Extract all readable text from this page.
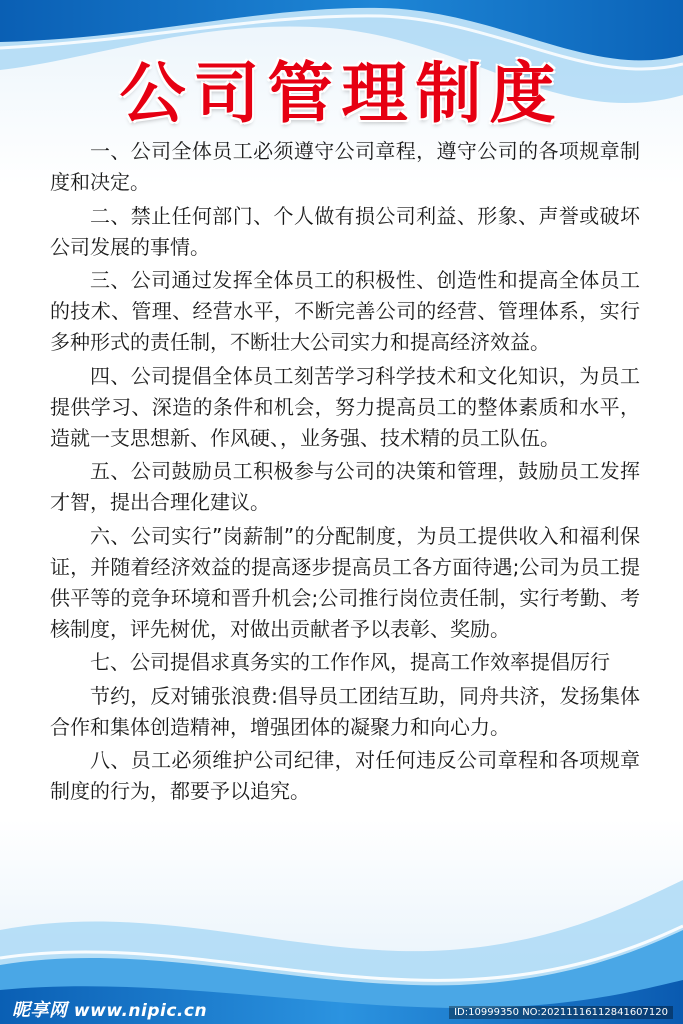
公司管理制度

一、公司全体员工必须遵守公司章程，遵守公司的各项规章制度和决定。

二、禁止任何部门、个人做有损公司利益、形象、声誉或破坏公司发展的事情。

三、公司通过发挥全体员工的积极性、创造性和提高全体员工的技术、管理、经营水平，不断完善公司的经营、管理体系，实行多种形式的责任制，不断壮大公司实力和提高经济效益。

四、公司提倡全体员工刻苦学习科学技术和文化知识，为员工提供学习、深造的条件和机会，努力提高员工的整体素质和水平，造就一支思想新、作风硬、，业务强、技术精的员工队伍。

五、公司鼓励员工积极参与公司的决策和管理，鼓励员工发挥才智，提出合理化建议。

六、公司实行”岗薪制”的分配制度，为员工提供收入和福利保证，并随着经济效益的提高逐步提高员工各方面待遇;公司为员工提供平等的竞争环境和晋升机会;公司推行岗位责任制，实行考勤、考核制度，评先树优，对做出贡献者予以表彰、奖励。

七、公司提倡求真务实的工作作风，提高工作效率提倡厉行

节约，反对铺张浪费:倡导员工团结互助，同舟共济，发扬集体合作和集体创造精神，增强团体的凝聚力和向心力。

八、员工必须维护公司纪律，对任何违反公司章程和各项规章制度的行为，都要予以追究。

昵享网 www.nipic.cn	ID:10999350 NO:20211116112841607120
